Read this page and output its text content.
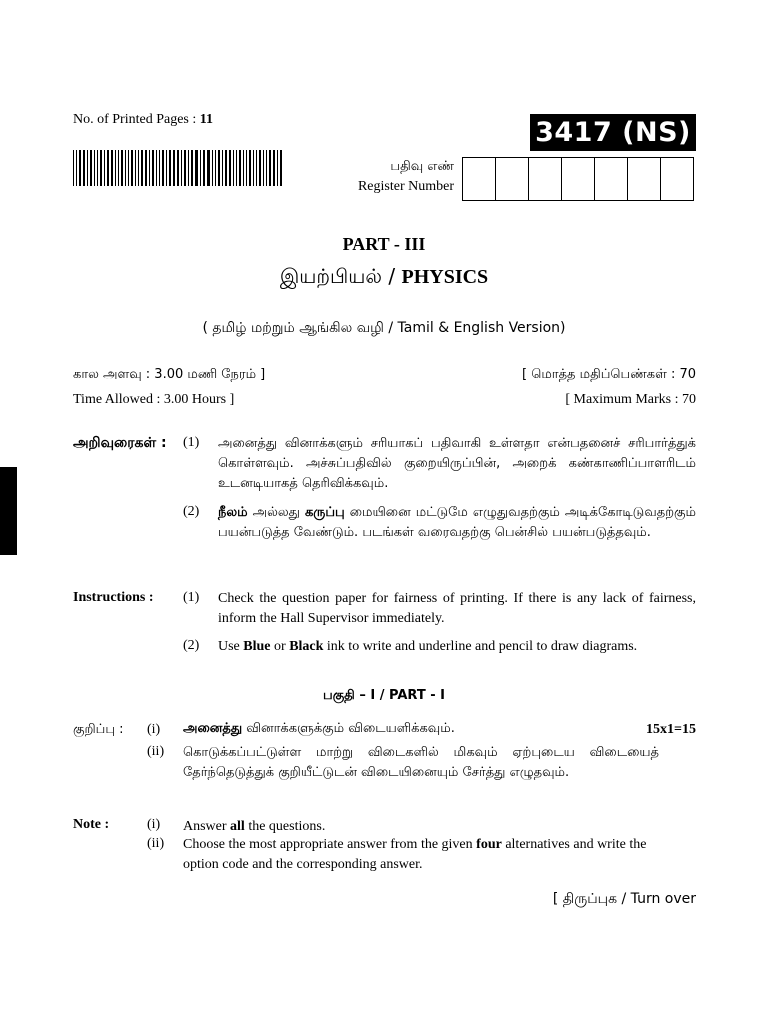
No. of Printed Pages : 11	3417 (NS)
பதிவு எண்
Register Number
PART - III
இயற்பியல் / PHYSICS
( தமிழ் மற்றும் ஆங்கில வழி / Tamil & English Version)
கால அளவு : 3.00 மணி நேரம் ]	[ மொத்த மதிப்பெண்கள் : 70
Time Allowed : 3.00 Hours ]	[ Maximum Marks : 70
அறிவுரைகள் : (1) அனைத்து வினாக்களும் சரியாகப் பதிவாகி உள்ளதா என்பதனைச் சரிபார்த்துக் கொள்ளவும். அச்சுப்பதிவில் குறையிருப்பின், அறைக் கண்காணிப்பாளரிடம் உடனடியாகத் தெரிவிக்கவும்.
(2) நீலம் அல்லது கருப்பு மையினை மட்டுமே எழுதுவதற்கும் அடிக்கோடிடுவதற்கும் பயன்படுத்த வேண்டும். படங்கள் வரைவதற்கு பென்சில் பயன்படுத்தவும்.
Instructions : (1) Check the question paper for fairness of printing. If there is any lack of fairness, inform the Hall Supervisor immediately.
(2) Use Blue or Black ink to write and underline and pencil to draw diagrams.
பகுதி – I / PART - I
குறிப்பு : (i) அனைத்து வினாக்களுக்கும் விடையளிக்கவும்.	15x1=15
(ii) கொடுக்கப்பட்டுள்ள மாற்று விடைகளில் மிகவும் ஏற்புடைய விடையைத் தேர்ந்தெடுத்துக் குறியீட்டுடன் விடையினையும் சேர்த்து எழுதவும்.
Note :	(i) Answer all the questions.
(ii) Choose the most appropriate answer from the given four alternatives and write the option code and the corresponding answer.
[ திருப்புக / Turn over
